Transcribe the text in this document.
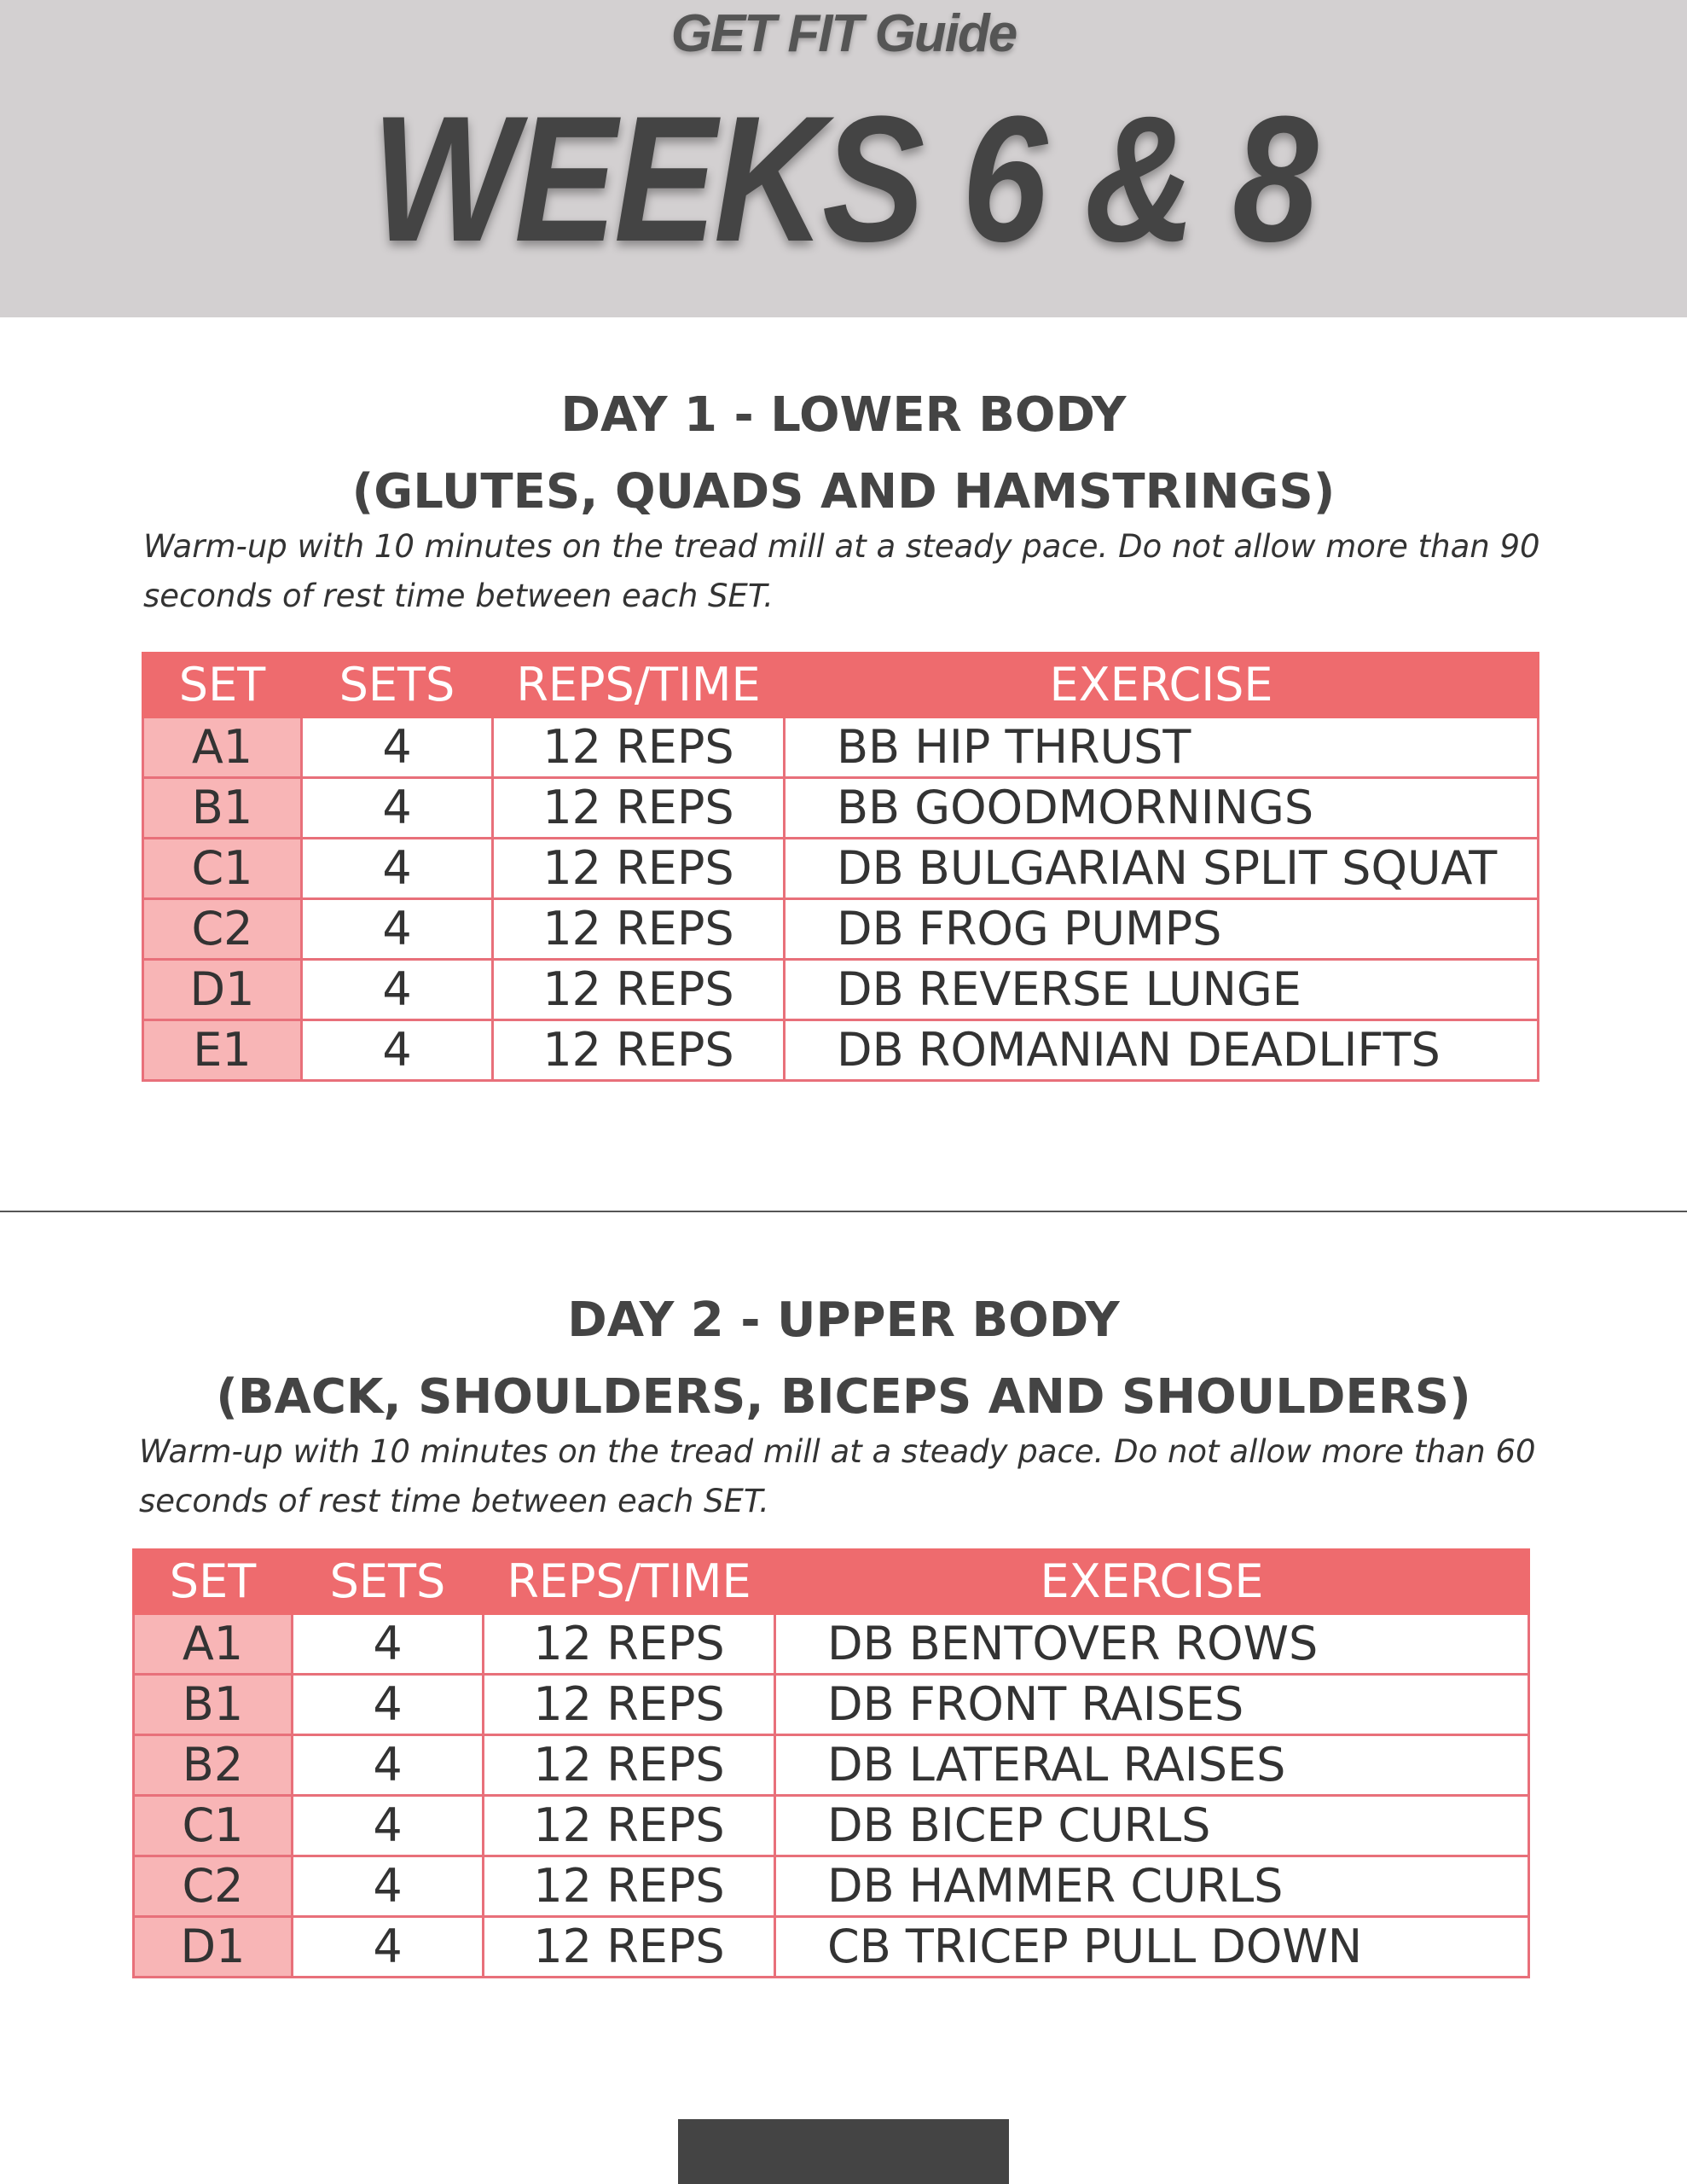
GET FIT Guide
WEEKS 6 & 8
DAY 1 - LOWER BODY
(GLUTES, QUADS AND HAMSTRINGS)
Warm-up with 10 minutes on the tread mill at a steady pace. Do not allow more than 90
seconds of rest time between each SET.
SET	SETS	REPS/TIME	EXERCISE
A1	4	12 REPS	BB HIP THRUST
B1	4	12 REPS	BB GOODMORNINGS
C1	4	12 REPS	DB BULGARIAN SPLIT SQUAT
C2	4	12 REPS	DB FROG PUMPS
D1	4	12 REPS	DB REVERSE LUNGE
E1	4	12 REPS	DB ROMANIAN DEADLIFTS
DAY 2 - UPPER BODY
(BACK, SHOULDERS, BICEPS AND SHOULDERS)
Warm-up with 10 minutes on the tread mill at a steady pace. Do not allow more than 60
seconds of rest time between each SET.
SET	SETS	REPS/TIME	EXERCISE
A1	4	12 REPS	DB BENTOVER ROWS
B1	4	12 REPS	DB FRONT RAISES
B2	4	12 REPS	DB LATERAL RAISES
C1	4	12 REPS	DB BICEP CURLS
C2	4	12 REPS	DB HAMMER CURLS
D1	4	12 REPS	CB TRICEP PULL DOWN
